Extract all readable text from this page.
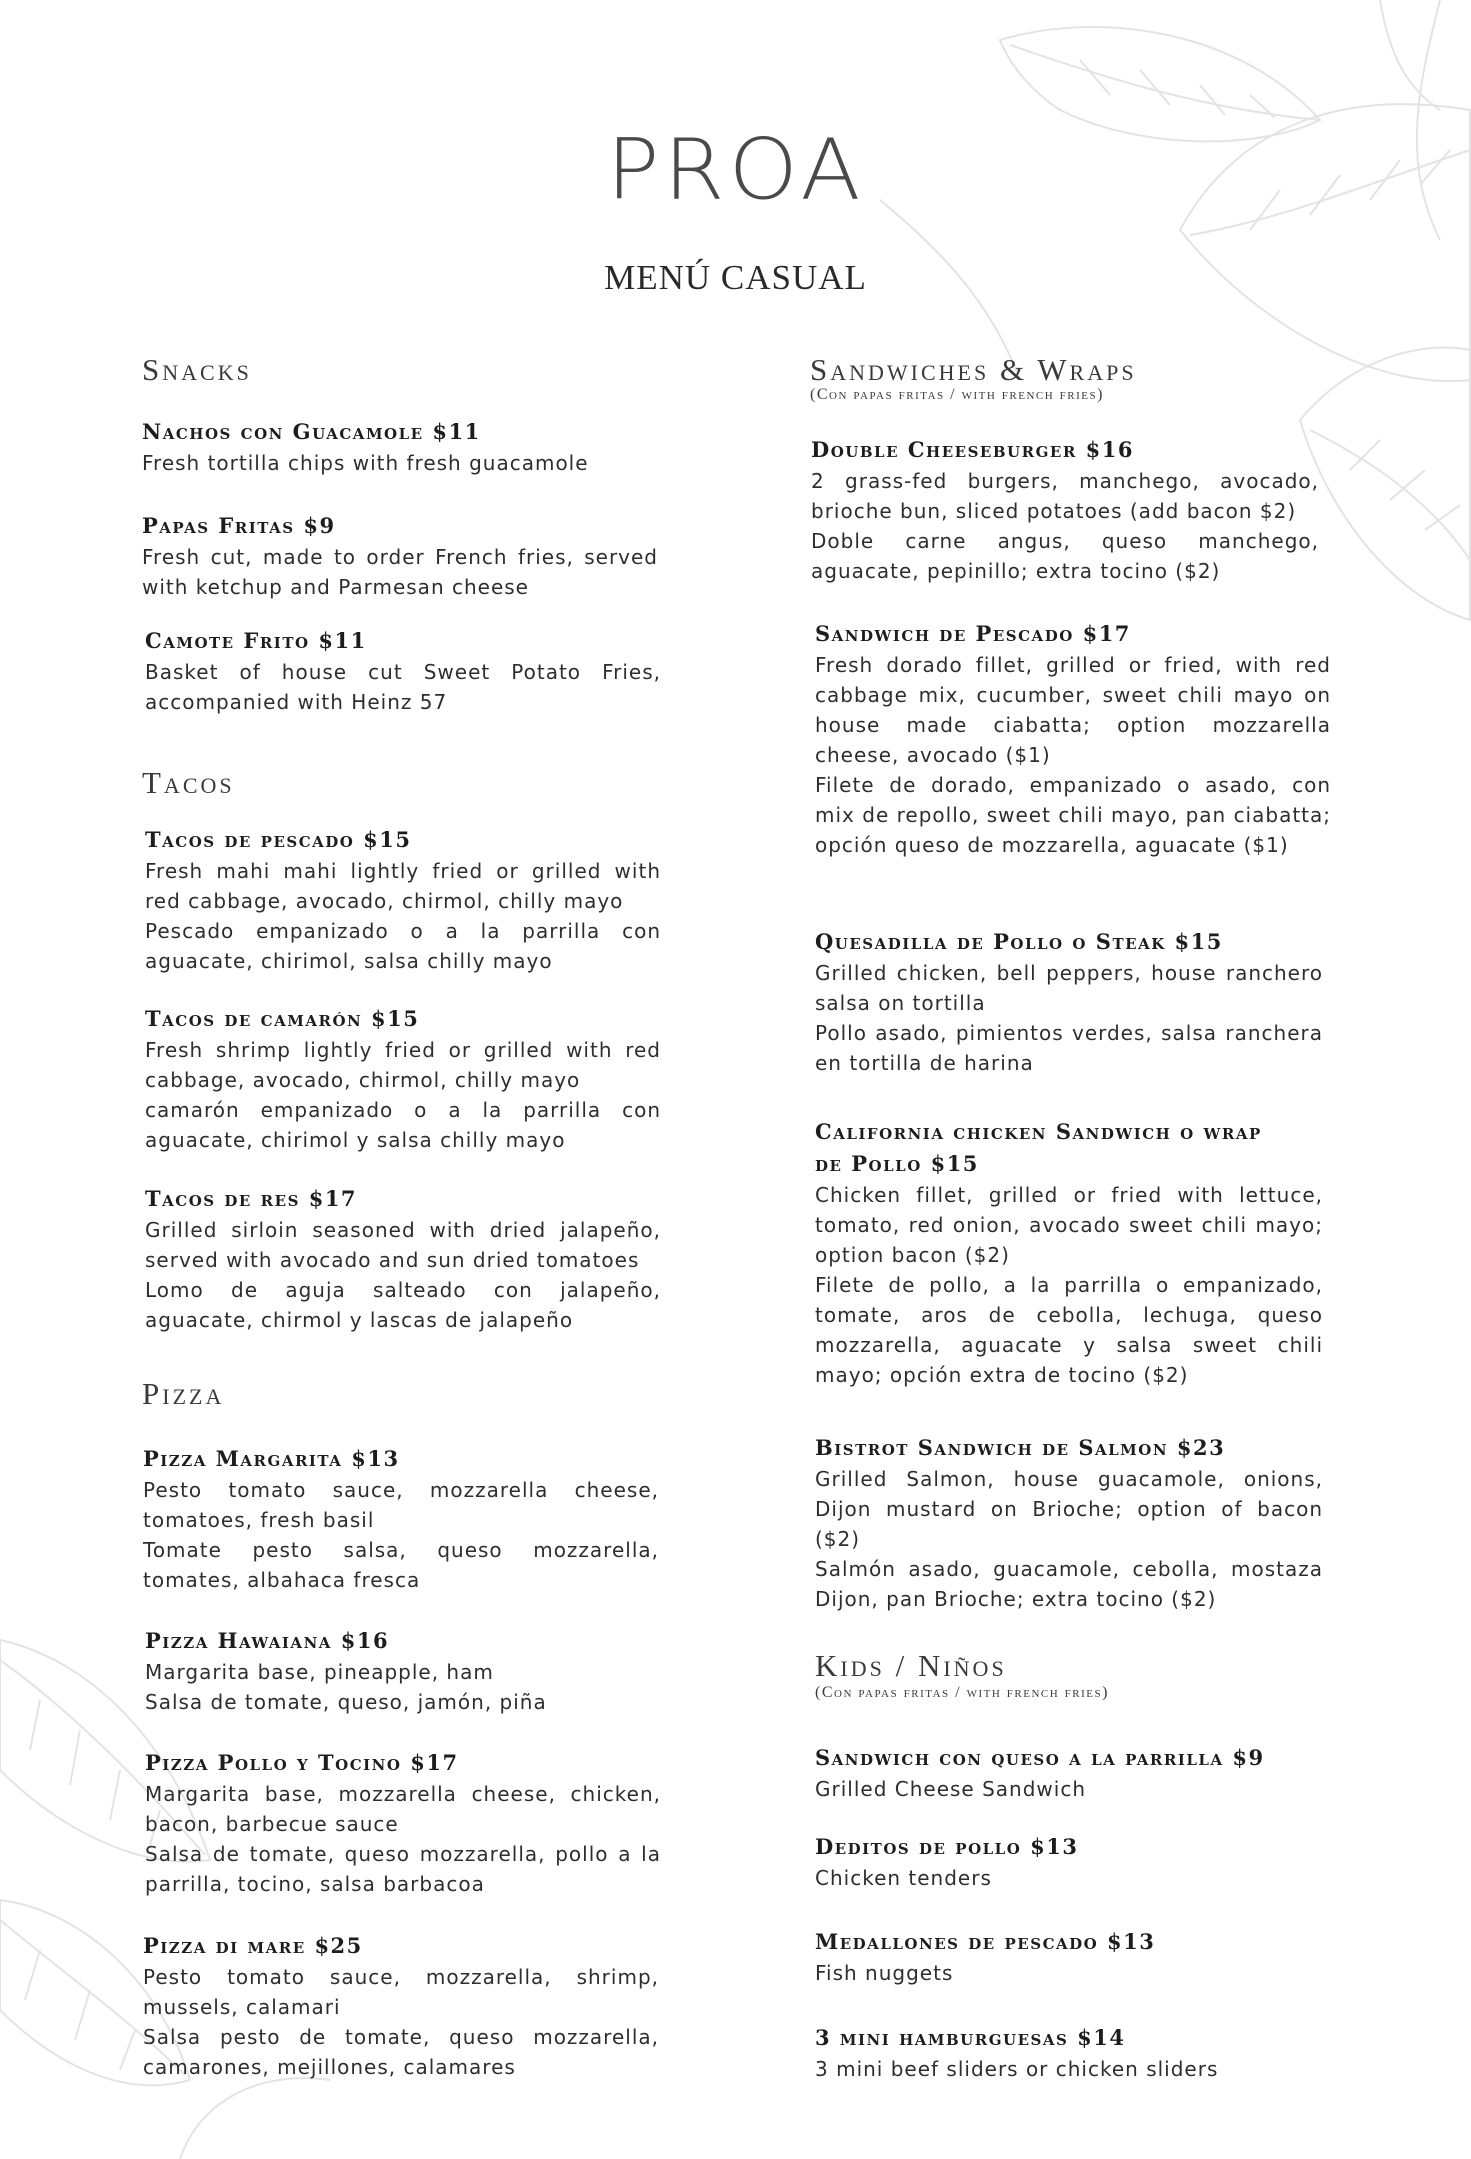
PROA
MENÚ CASUAL
Snacks
Nachos con Guacamole $11
Fresh tortilla chips with fresh guacamole
Papas Fritas $9
Fresh cut, made to order French fries, served with ketchup and Parmesan cheese
Camote Frito $11
Basket of house cut Sweet Potato Fries, accompanied with Heinz 57
Tacos
Tacos de pescado $15
Fresh mahi mahi lightly fried or grilled with red cabbage, avocado, chirmol, chilly mayo
Pescado empanizado o a la parrilla con aguacate, chirimol, salsa chilly mayo
Tacos de camarón $15
Fresh shrimp lightly fried or grilled with red cabbage, avocado, chirmol, chilly mayo
camarón empanizado o a la parrilla con aguacate, chirimol y salsa chilly mayo
Tacos de res $17
Grilled sirloin seasoned with dried jalapeño, served with avocado and sun dried tomatoes
Lomo de aguja salteado con jalapeño, aguacate, chirmol y lascas de jalapeño
Pizza
Pizza Margarita $13
Pesto tomato sauce, mozzarella cheese, tomatoes, fresh basil
Tomate pesto salsa, queso mozzarella, tomates, albahaca fresca
Pizza Hawaiana $16
Margarita base, pineapple, ham
Salsa de tomate, queso, jamón, piña
Pizza Pollo y Tocino $17
Margarita base, mozzarella cheese, chicken, bacon, barbecue sauce
Salsa de tomate, queso mozzarella, pollo a la parrilla, tocino, salsa barbacoa
Pizza di mare $25
Pesto tomato sauce, mozzarella, shrimp, mussels, calamari
Salsa pesto de tomate, queso mozzarella, camarones, mejillones, calamares
Sandwiches & Wraps
(Con papas fritas / with french fries)
Double Cheeseburger $16
2 grass-fed burgers, manchego, avocado, brioche bun, sliced potatoes (add bacon $2)
Doble carne angus, queso manchego, aguacate, pepinillo; extra tocino ($2)
Sandwich de Pescado $17
Fresh dorado fillet, grilled or fried, with red cabbage mix, cucumber, sweet chili mayo on house made ciabatta; option mozzarella cheese, avocado ($1)
Filete de dorado, empanizado o asado, con mix de repollo, sweet chili mayo, pan ciabatta; opción queso de mozzarella, aguacate ($1)
Quesadilla de Pollo o Steak $15
Grilled chicken, bell peppers, house ranchero salsa on tortilla
Pollo asado, pimientos verdes, salsa ranchera en tortilla de harina
California chicken Sandwich o wrap
de Pollo $15
Chicken fillet, grilled or fried with lettuce, tomato, red onion, avocado sweet chili mayo; option bacon ($2)
Filete de pollo, a la parrilla o empanizado, tomate, aros de cebolla, lechuga, queso mozzarella, aguacate y salsa sweet chili mayo; opción extra de tocino ($2)
Bistrot Sandwich de Salmon $23
Grilled Salmon, house guacamole, onions, Dijon mustard on Brioche; option of bacon ($2)
Salmón asado, guacamole, cebolla, mostaza Dijon, pan Brioche; extra tocino ($2)
Kids / Niños
(Con papas fritas / with french fries)
Sandwich con queso a la parrilla $9
Grilled Cheese Sandwich
Deditos de pollo $13
Chicken tenders
Medallones de pescado $13
Fish nuggets
3 mini hamburguesas $14
3 mini beef sliders or chicken sliders
